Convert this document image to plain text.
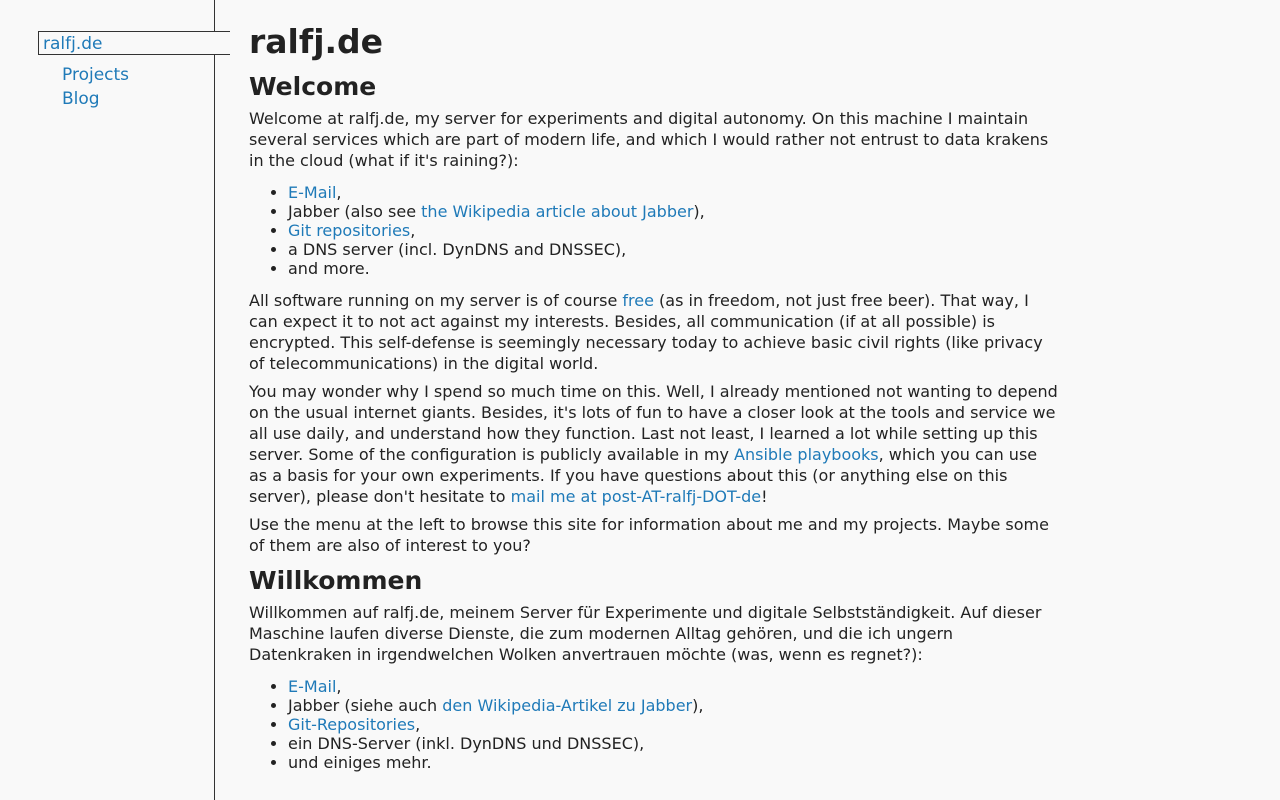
ralfj.de
Projects
Blog
ralfj.de
Welcome

Welcome at ralfj.de, my server for experiments and digital autonomy. On this machine I maintain several services which are part of modern life, and which I would rather not entrust to data krakens in the cloud (what if it's raining?):

• E-Mail,
• Jabber (also see the Wikipedia article about Jabber),
• Git repositories,
• a DNS server (incl. DynDNS and DNSSEC),
• and more.

All software running on my server is of course free (as in freedom, not just free beer). That way, I can expect it to not act against my interests. Besides, all communication (if at all possible) is encrypted. This self-defense is seemingly necessary today to achieve basic civil rights (like privacy of telecommunications) in the digital world.

You may wonder why I spend so much time on this. Well, I already mentioned not wanting to depend on the usual internet giants. Besides, it's lots of fun to have a closer look at the tools and service we all use daily, and understand how they function. Last not least, I learned a lot while setting up this server. Some of the configuration is publicly available in my Ansible playbooks, which you can use as a basis for your own experiments. If you have questions about this (or anything else on this server), please don't hesitate to mail me at post-AT-ralfj-DOT-de!

Use the menu at the left to browse this site for information about me and my projects. Maybe some of them are also of interest to you?

Willkommen

Willkommen auf ralfj.de, meinem Server für Experimente und digitale Selbstständigkeit. Auf dieser Maschine laufen diverse Dienste, die zum modernen Alltag gehören, und die ich ungern Datenkraken in irgendwelchen Wolken anvertrauen möchte (was, wenn es regnet?):

• E-Mail,
• Jabber (siehe auch den Wikipedia-Artikel zu Jabber),
• Git-Repositories,
• ein DNS-Server (inkl. DynDNS und DNSSEC),
• und einiges mehr.
